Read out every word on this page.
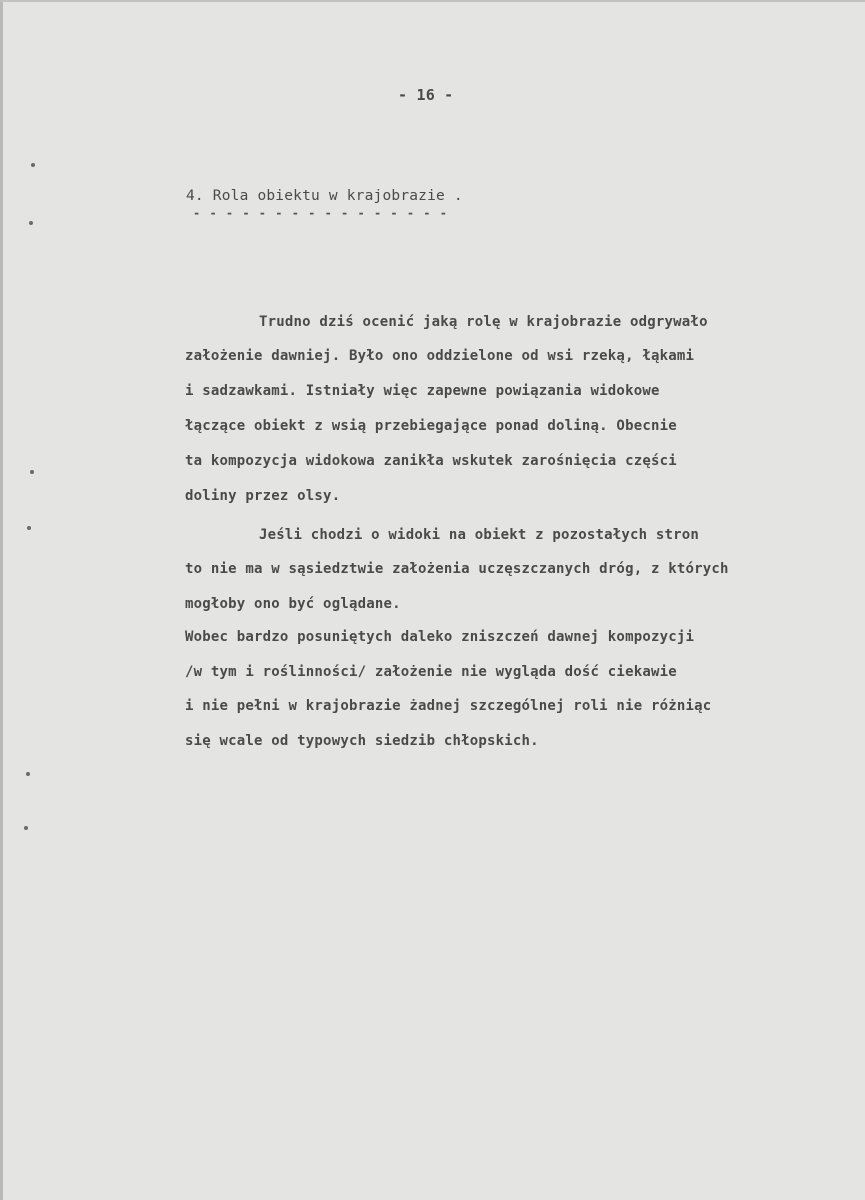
- 16 -
4. Rola obiektu w krajobrazie .
- - - - - - - - - - - - - - - -
Trudno dziś ocenić jaką rolę w krajobrazie odgrywało
założenie dawniej. Było ono oddzielone od wsi rzeką, łąkami
i sadzawkami. Istniały więc zapewne powiązania widokowe
łączące obiekt z wsią przebiegające ponad doliną. Obecnie
ta kompozycja widokowa zanikła wskutek zarośnięcia części
doliny przez olsy.
Jeśli chodzi o widoki na obiekt z pozostałych stron
to nie ma w sąsiedztwie założenia uczęszczanych dróg, z których
mogłoby ono być oglądane.
Wobec bardzo posuniętych daleko zniszczeń dawnej kompozycji
/w tym i roślinności/ założenie nie wygląda dość ciekawie
i nie pełni w krajobrazie żadnej szczególnej roli nie różniąc
się wcale od typowych siedzib chłopskich.
